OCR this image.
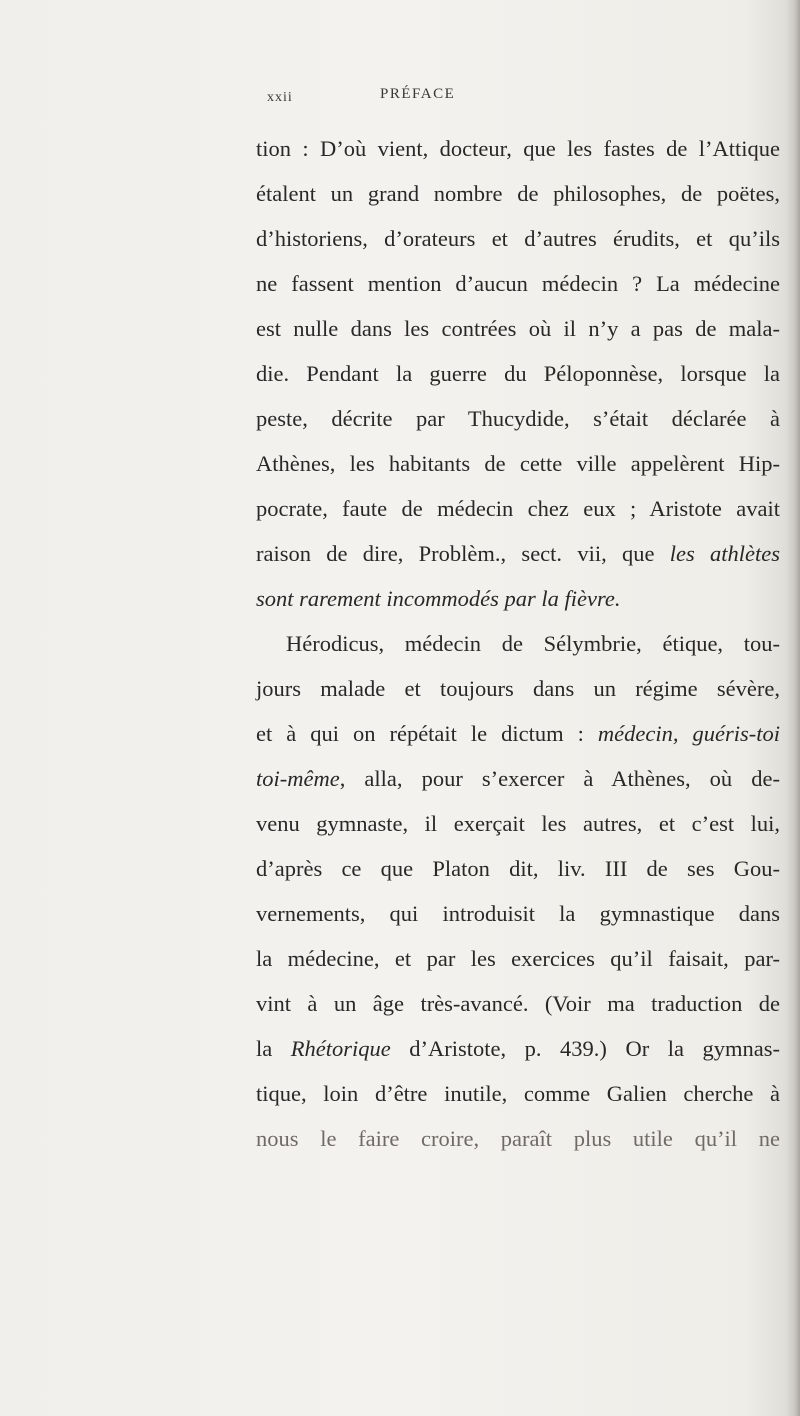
xxii	PRÉFACE
tion : D’où vient, docteur, que les fastes de l’Attique
étalent un grand nombre de philosophes, de poëtes,
d’historiens, d’orateurs et d’autres érudits, et qu’ils
ne fassent mention d’aucun médecin ? La médecine
est nulle dans les contrées où il n’y a pas de mala-
die. Pendant la guerre du Péloponnèse, lorsque la
peste, décrite par Thucydide, s’était déclarée à
Athènes, les habitants de cette ville appelèrent Hip-
pocrate, faute de médecin chez eux ; Aristote avait
raison de dire, Problèm., sect. vii, que les athlètes
sont rarement incommodés par la fièvre.
Hérodicus, médecin de Sélymbrie, étique, tou-
jours malade et toujours dans un régime sévère,
et à qui on répétait le dictum : médecin, guéris-toi
toi-même, alla, pour s’exercer à Athènes, où de-
venu gymnaste, il exerçait les autres, et c’est lui,
d’après ce que Platon dit, liv. III de ses Gou-
vernements, qui introduisit la gymnastique dans
la médecine, et par les exercices qu’il faisait, par-
vint à un âge très-avancé. (Voir ma traduction de
la Rhétorique d’Aristote, p. 439.) Or la gymnas-
tique, loin d’être inutile, comme Galien cherche à
nous le faire croire, paraît plus utile qu’il ne
